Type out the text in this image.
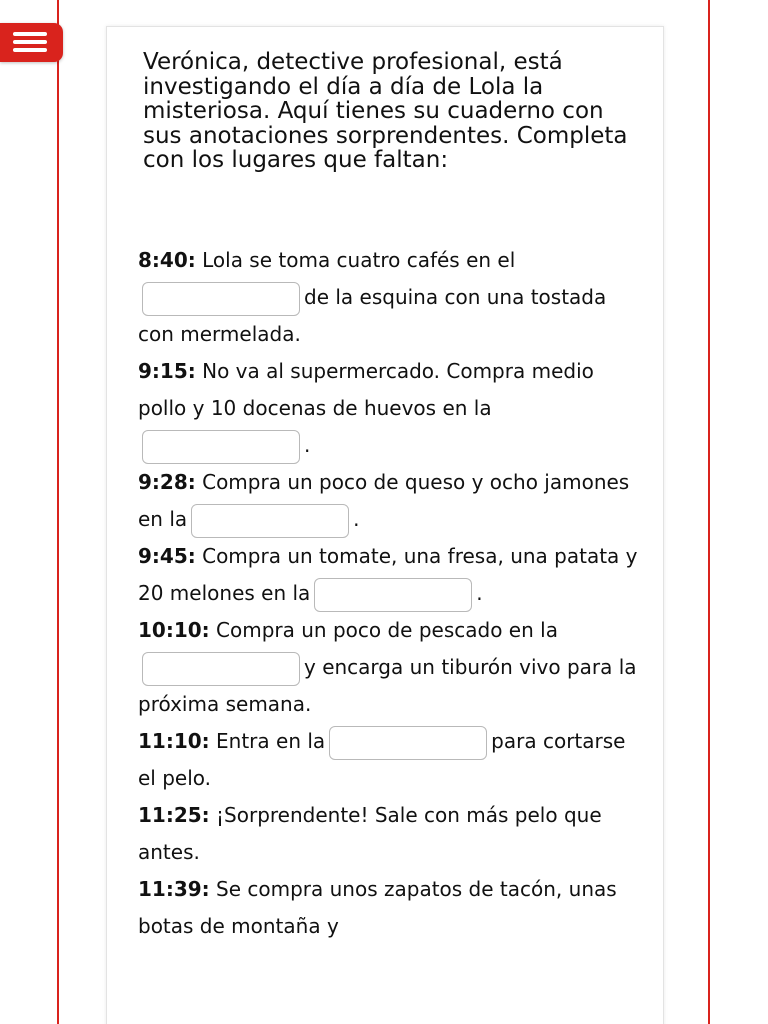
Verónica, detective profesional, está investigando el día a día de Lola la misteriosa. Aquí tienes su cuaderno con sus anotaciones sorprendentes. Completa con los lugares que faltan:

8:40: Lola se toma cuatro cafés en elde la esquina con una tostada con mermelada.

9:15: No va al supermercado. Compra medio pollo y 10 docenas de huevos en la.

9:28: Compra un poco de queso y ocho jamones en la	.

9:45: Compra un tomate, una fresa, una patata y 20 melones en la	.

10:10: Compra un poco de pescado en lay encarga un tiburón vivo para la próxima semana.

11:10: Entra en la	para cortarse el pelo.

11:25: ¡Sorprendente! Sale con más pelo que antes.

11:39: Se compra unos zapatos de tacón, unas botas de montaña y
